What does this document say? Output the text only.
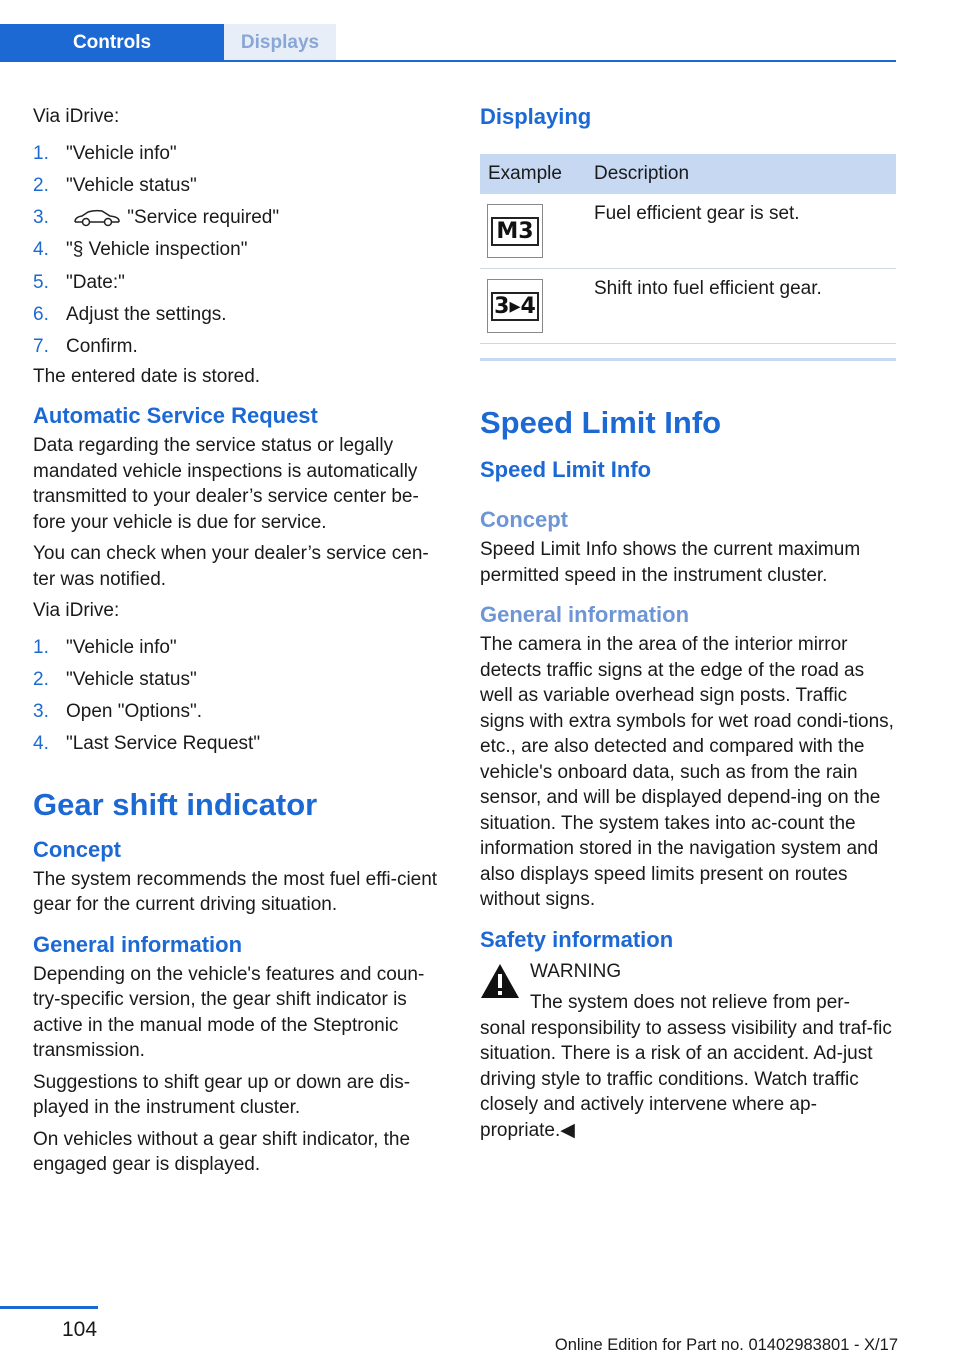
Controls	Displays

Via iDrive:

1. "Vehicle info"
2. "Vehicle status"
3.	"Service required"
4. "§ Vehicle inspection"
5. "Date:"
6. Adjust the settings.
7. Confirm.

The entered date is stored.

Automatic Service Request

Data regarding the service status or legally mandated vehicle inspections is automatically transmitted to your dealer’s service center be-fore your vehicle is due for service.

You can check when your dealer’s service cen-ter was notified.

Via iDrive:

1. "Vehicle info"
2. "Vehicle status"
3. Open "Options".
4. "Last Service Request"
Gear shift indicator
Concept

The system recommends the most fuel effi-cient gear for the current driving situation.

General information

Depending on the vehicle's features and coun-try-specific version, the gear shift indicator is active in the manual mode of the Steptronic transmission.

Suggestions to shift gear up or down are dis-played in the instrument cluster.

On vehicles without a gear shift indicator, the engaged gear is displayed.

Displaying
Example	Description

M3	Fuel efficient gear is set.

3▸4	Shift into fuel efficient gear.
Speed Limit Info
Speed Limit Info
Concept

Speed Limit Info shows the current maximum permitted speed in the instrument cluster.

General information

The camera in the area of the interior mirror detects traffic signs at the edge of the road as well as variable overhead sign posts. Traffic signs with extra symbols for wet road condi-tions, etc., are also detected and compared with the vehicle's onboard data, such as from the rain sensor, and will be displayed depend-ing on the situation. The system takes into ac-count the information stored in the navigation system and also displays speed limits present on routes without signs.

Safety information

WARNING

The system does not relieve from per-

sonal responsibility to assess visibility and traf-fic situation. There is a risk of an accident. Ad-just driving style to traffic conditions. Watch traffic closely and actively intervene where ap-propriate.◀

104
Online Edition for Part no. 01402983801 - X/17
